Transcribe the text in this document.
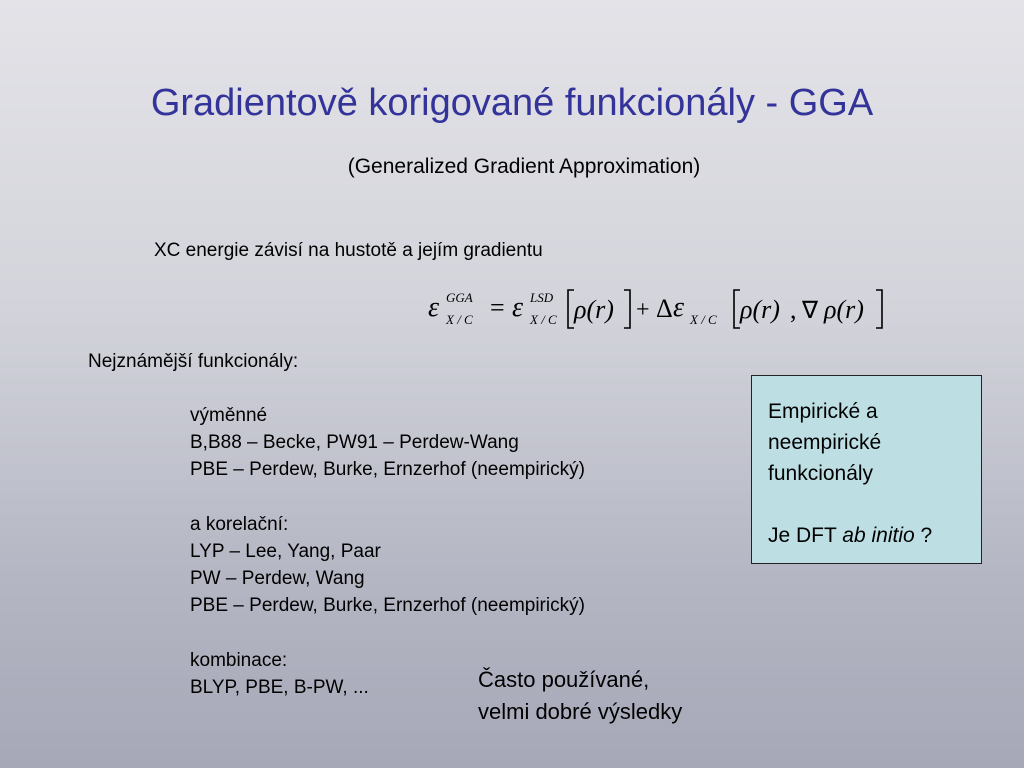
Gradientově korigované funkcionály - GGA
(Generalized Gradient Approximation)
XC energie závisí na hustotě a jejím gradientu
ε GGA
X / C = ε LSD
X / C ρ(r) + Δ ε X / C ρ(r) , ∇ ρ(r)
Nejznámější funkcionály:
výměnné
B,B88 – Becke, PW91 – Perdew-Wang
PBE – Perdew, Burke, Ernzerhof (neempirický)
a korelační:
LYP – Lee, Yang, Paar
PW – Perdew, Wang
PBE – Perdew, Burke, Ernzerhof (neempirický)
kombinace:
BLYP, PBE, B-PW, ...	Často používané,
velmi dobré výsledky
Empirické a
neempirické
funkcionály
Je DFT ab initio ?
